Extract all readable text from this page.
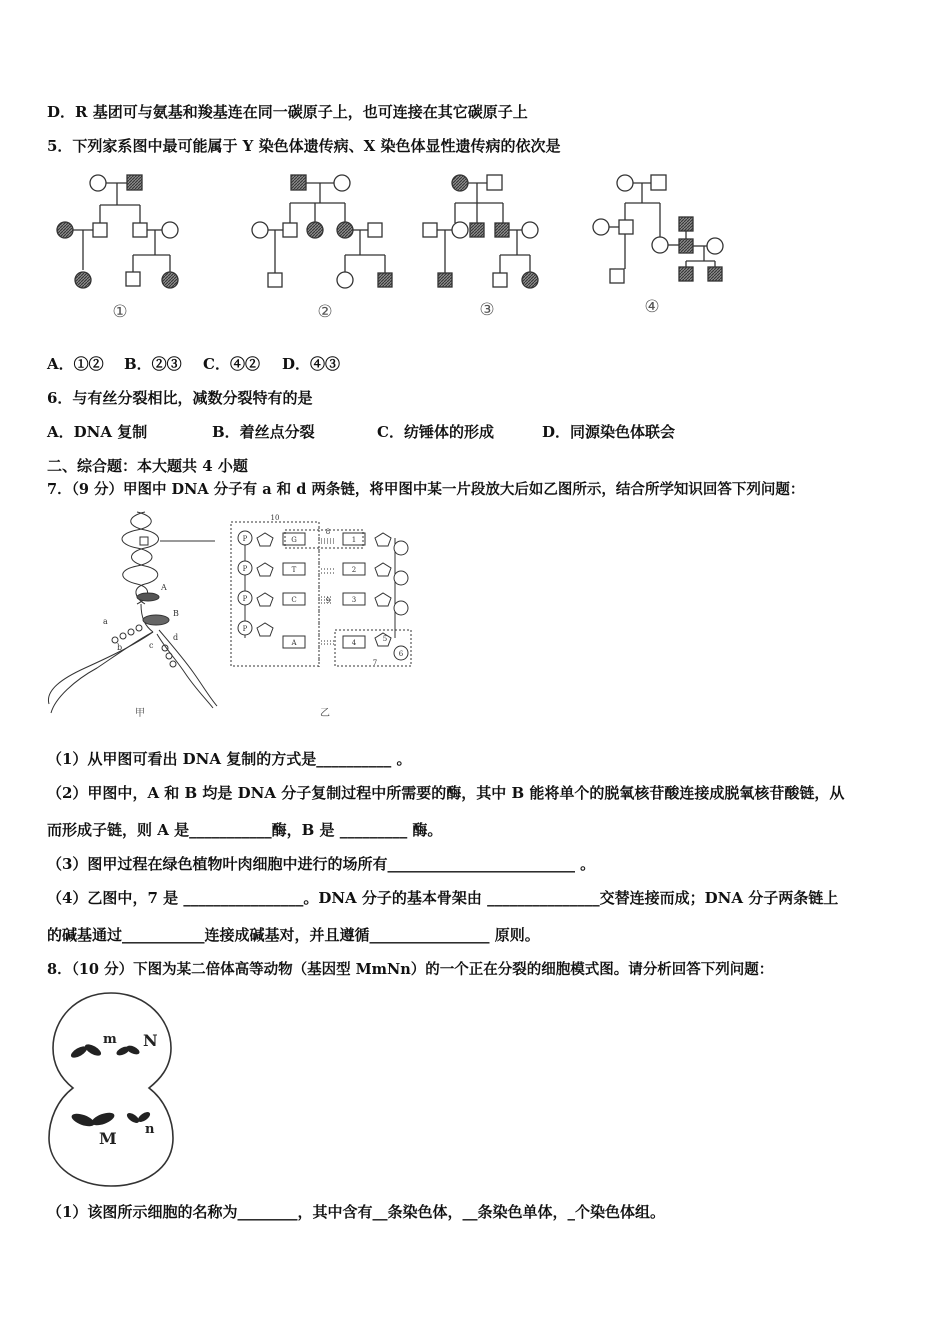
D．R 基团可与氨基和羧基连在同一碳原子上，也可连接在其它碳原子上
5．下列家系图中最可能属于 Y 染色体遗传病、X 染色体显性遗传病的依次是
①	②	③	④
A．①② B．②③ C．④② D．④③
6．与有丝分裂相比，减数分裂特有的是
A．DNA 复制	B．着丝点分裂	C．纺锤体的形成	D．同源染色体联会
二、综合题：本大题共 4 小题
7．（9 分）甲图中 DNA 分子有 a 和 d 两条链，将甲图中某一片段放大后如乙图所示，结合所学知识回答下列问题：
A
B
a
b	c
d
甲
P
P
P
P
G
T
C
A
1
2
3
4
10
8
9
5
6
7
乙
（1）从甲图可看出 DNA 复制的方式是__________ 。
（2）甲图中，A 和 B 均是 DNA 分子复制过程中所需要的酶，其中 B 能将单个的脱氧核苷酸连接成脱氧核苷酸链，从
而形成子链，则 A 是___________酶，B 是 _________ 酶。
（3）图甲过程在绿色植物叶肉细胞中进行的场所有_________________________ 。
（4）乙图中，7 是 ________________。DNA 分子的基本骨架由 _______________交替连接而成；DNA 分子两条链上
的碱基通过___________连接成碱基对，并且遵循________________ 原则。
8．（10 分）下图为某二倍体高等动物（基因型 MmNn）的一个正在分裂的细胞模式图。请分析回答下列问题：
m N
M n
（1）该图所示细胞的名称为________，其中含有__条染色体，__条染色单体，_个染色体组。
